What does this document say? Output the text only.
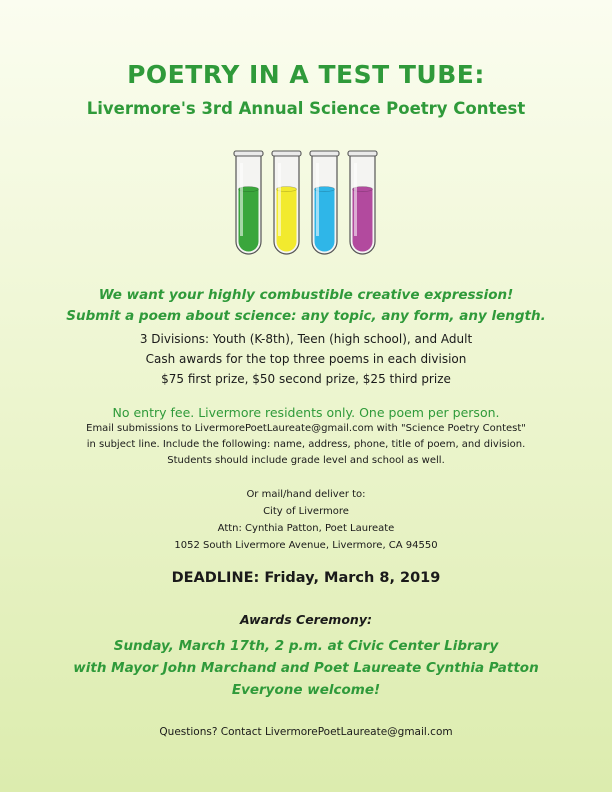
POETRY IN A TEST TUBE:
Livermore's 3rd Annual Science Poetry Contest
We want your highly combustible creative expression!
Submit a poem about science: any topic, any form, any length.
3 Divisions: Youth (K-8th), Teen (high school), and Adult
Cash awards for the top three poems in each division
$75 first prize, $50 second prize, $25 third prize
No entry fee. Livermore residents only. One poem per person.
Email submissions to LivermorePoetLaureate@gmail.com with "Science Poetry Contest"
in subject line. Include the following: name, address, phone, title of poem, and division.
Students should include grade level and school as well.
Or mail/hand deliver to:
City of Livermore
Attn: Cynthia Patton, Poet Laureate
1052 South Livermore Avenue, Livermore, CA 94550
DEADLINE: Friday, March 8, 2019
Awards Ceremony:
Sunday, March 17th, 2 p.m. at Civic Center Library
with Mayor John Marchand and Poet Laureate Cynthia Patton
Everyone welcome!
Questions? Contact LivermorePoetLaureate@gmail.com
